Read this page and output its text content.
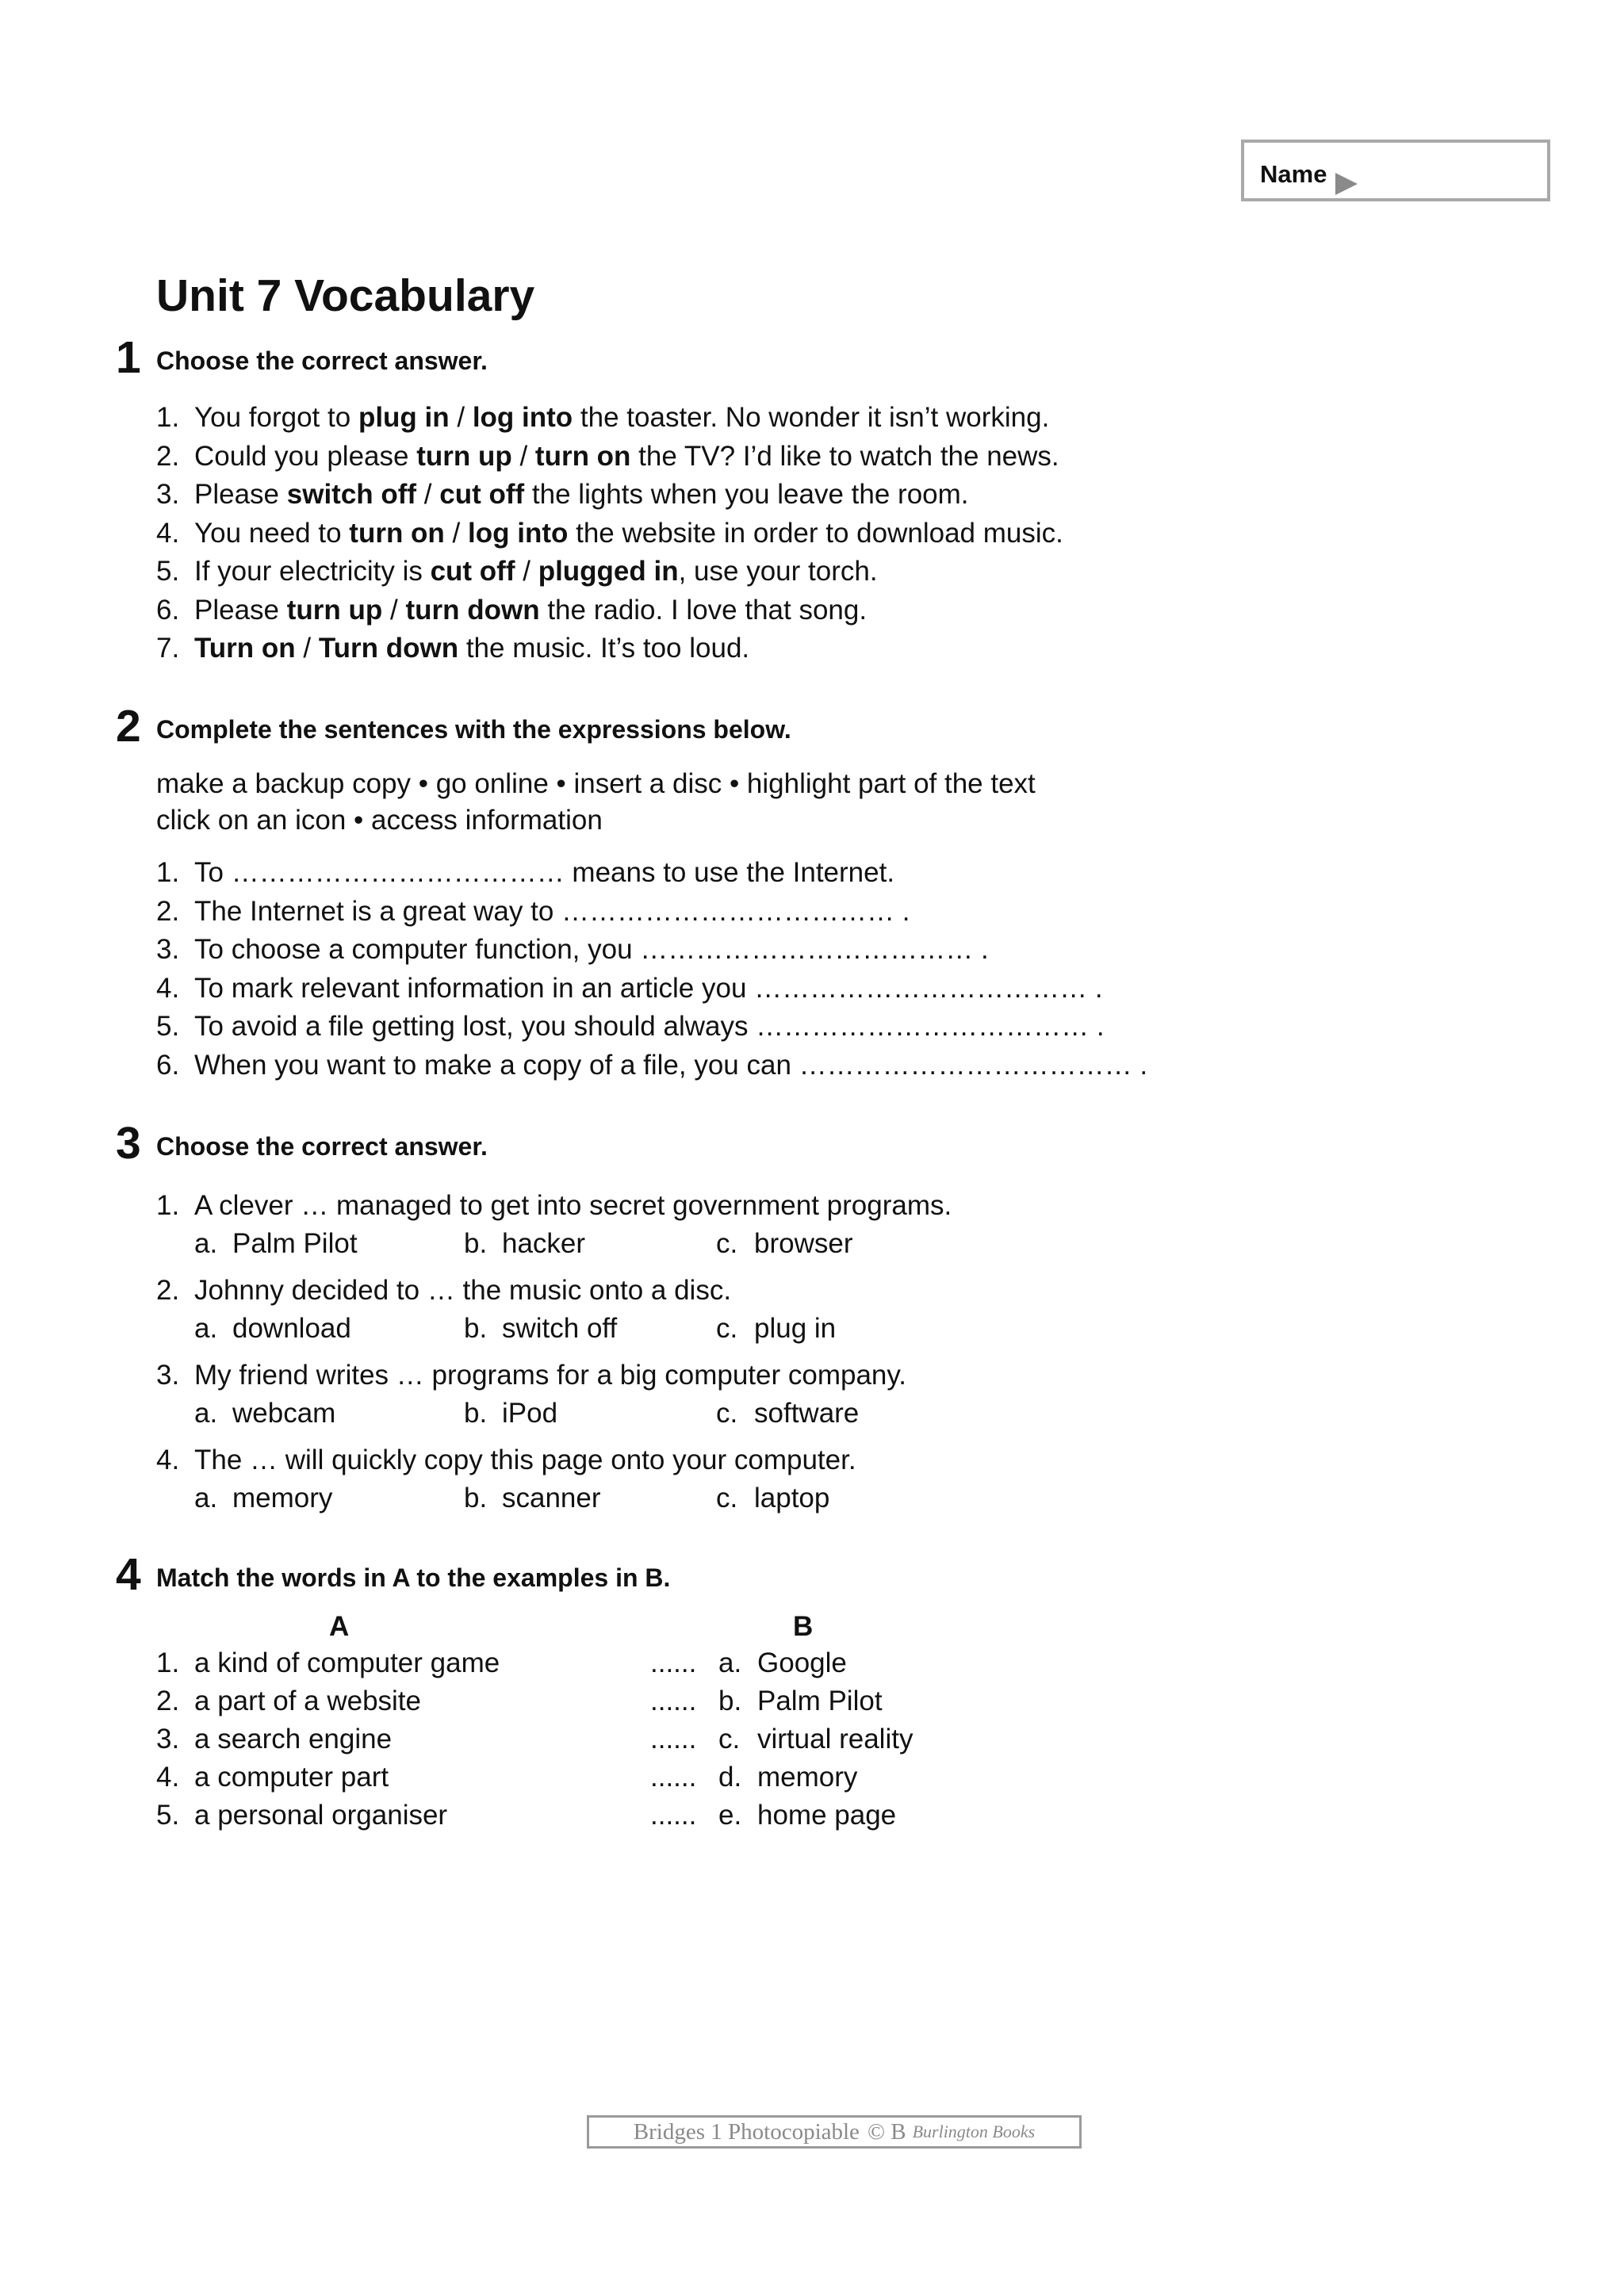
Name
Unit 7 Vocabulary
1 Choose the correct answer.
1. You forgot to plug in / log into the toaster. No wonder it isn’t working.
2. Could you please turn up / turn on the TV? I’d like to watch the news.
3. Please switch off / cut off the lights when you leave the room.
4. You need to turn on / log into the website in order to download music.
5. If your electricity is cut off / plugged in, use your torch.
6. Please turn up / turn down the radio. I love that song.
7. Turn on / Turn down the music. It’s too loud.
2 Complete the sentences with the expressions below.
make a backup copy • go online • insert a disc • highlight part of the text
click on an icon • access information
1. To ……………………………… means to use the Internet.
2. The Internet is a great way to ……………………………… .
3. To choose a computer function, you ……………………………… .
4. To mark relevant information in an article you ……………………………… .
5. To avoid a file getting lost, you should always ……………………………… .
6. When you want to make a copy of a file, you can ……………………………… .
3 Choose the correct answer.
1. A clever … managed to get into secret government programs.
a. Palm Pilot	b. hacker	c. browser
2. Johnny decided to … the music onto a disc.
a. download	b. switch off	c. plug in
3. My friend writes … programs for a big computer company.
a. webcam	b. iPod	c. software
4. The … will quickly copy this page onto your computer.
a. memory	b. scanner	c. laptop
4 Match the words in A to the examples in B.
A	B
1. a kind of computer game	...... a. Google
2. a part of a website	...... b. Palm Pilot
3. a search engine	...... c. virtual reality
4. a computer part	...... d. memory
5. a personal organiser	...... e. home page
Bridges 1 Photocopiable © B Burlington Books
